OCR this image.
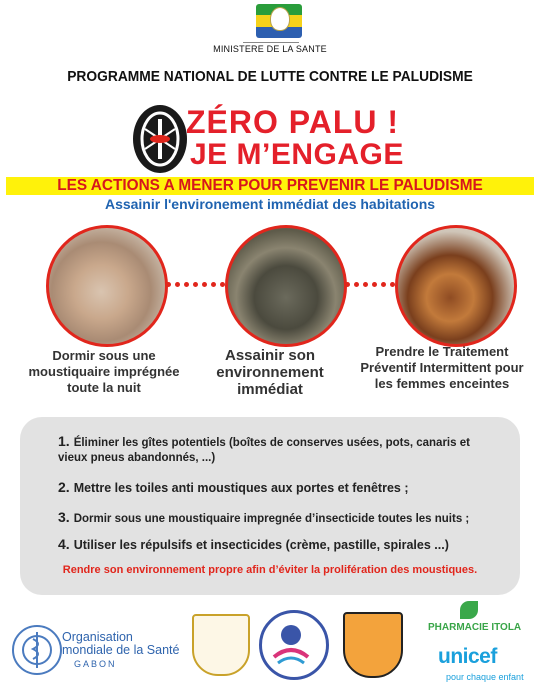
MINISTERE DE LA SANTE
PROGRAMME NATIONAL DE LUTTE CONTRE LE PALUDISME
ZÉRO PALU !
JE M’ENGAGE
LES ACTIONS A MENER POUR PREVENIR LE PALUDISME
Assainir l'environement immédiat des habitations
Dormir sous une moustiquaire imprégnée toute la nuit
Assainir son environnement immédiat
Prendre le Traitement Préventif Intermittent pour les femmes enceintes
1. Éliminer les gîtes potentiels (boîtes de conserves usées, pots, canaris et vieux pneus abandonnés, ...)
2. Mettre les toiles anti moustiques aux portes et fenêtres ;
3. Dormir sous une moustiquaire impregnée d’insecticide toutes les nuits ;
4. Utiliser les répulsifs et insecticides (crème, pastille, spirales ...)
Rendre son environnement propre afin d’éviter la prolifération des moustiques.
Organisation
mondiale de la Santé
GABON
PHARMACIE ITOLA
unicef
pour chaque enfant
